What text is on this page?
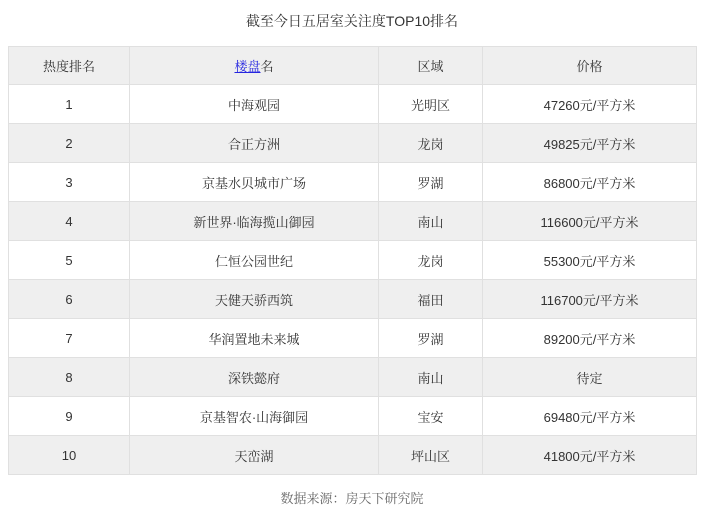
截至今日五居室关注度TOP10排名
热度排名	楼盘名	区域	价格
1	中海观园	光明区	47260元/平方米
2	合正方洲	龙岗	49825元/平方米
3	京基水贝城市广场	罗湖	86800元/平方米
4	新世界·临海揽山御园	南山	116600元/平方米
5	仁恒公园世纪	龙岗	55300元/平方米
6	天健天骄西筑	福田	116700元/平方米
7	华润置地未来城	罗湖	89200元/平方米
8	深铁懿府	南山	待定
9	京基智农·山海御园	宝安	69480元/平方米
10	天峦湖	坪山区	41800元/平方米
数据来源：房天下研究院
